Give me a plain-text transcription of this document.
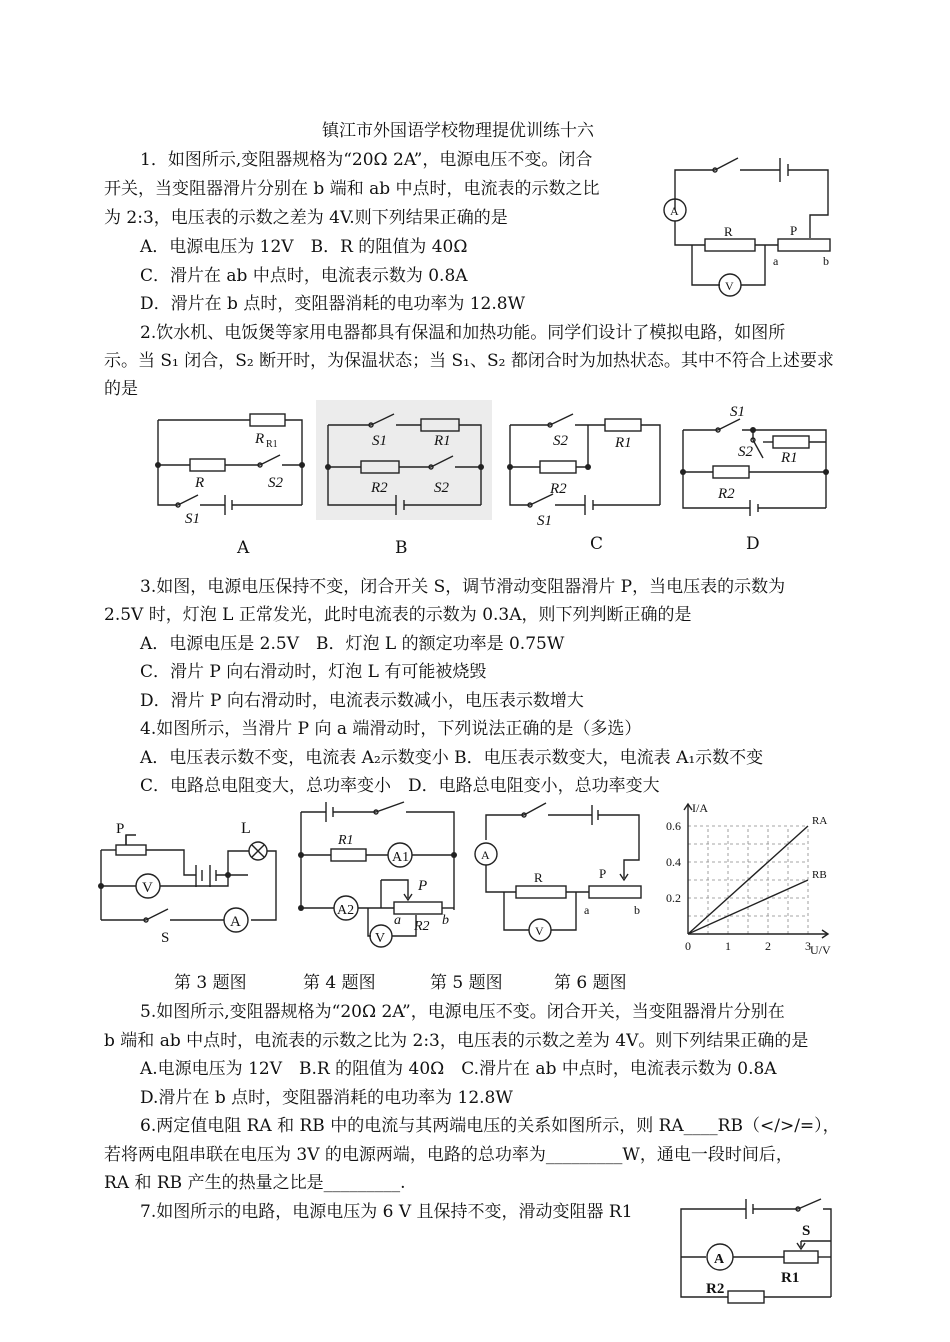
镇江市外国语学校物理提优训练十六
1．如图所示,变阻器规格为“20Ω 2A”，电源电压不变。闭合
开关，当变阻器滑片分别在 b 端和 ab 中点时，电流表的示数之比
为 2:3，电压表的示数之差为 4V.则下列结果正确的是
A．电源电压为 12V　B．R 的阻值为 40Ω
C．滑片在 ab 中点时，电流表示数为 0.8A
D．滑片在 b 点时，变阻器消耗的电功率为 12.8W
A
R	P
a	b
V
2.饮水机、电饭煲等家用电器都具有保温和加热功能。同学们设计了模拟电路，如图所
示。当 S₁ 闭合，S₂ 断开时，为保温状态；当 S₁、S₂ 都闭合时为加热状态。其中不符合上述要求
的是
R R1
R	S2
S1
A
S1	R1
R2	S2
B
S2	R1
R2
S1
C
S1
S2 R1
R2
D
3.如图，电源电压保持不变，闭合开关 S，调节滑动变阻器滑片 P，当电压表的示数为
2.5V 时，灯泡 L 正常发光，此时电流表的示数为 0.3A，则下列判断正确的是
A．电源电压是 2.5V　B．灯泡 L 的额定功率是 0.75W
C．滑片 P 向右滑动时，灯泡 L 有可能被烧毁
D．滑片 P 向右滑动时，电流表示数减小，电压表示数增大
4.如图所示，当滑片 P 向 a 端滑动时，下列说法正确的是（多选）
A．电压表示数不变，电流表 A₂示数变小 B．电压表示数变大，电流表 A₁示数不变
C．电路总电阻变大，总功率变小　D．电路总电阻变小，总功率变大
P	L
V
A
S
R1
A1
A2
P
a	b
R2
V
A
R	P
a	b
V
U/V
I/A
0	1	2	3
0.2
0.4
0.6	RA
RB
第 3 题图	第 4 题图	第 5 题图	第 6 题图
5.如图所示,变阻器规格为“20Ω 2A”，电源电压不变。闭合开关，当变阻器滑片分别在
b 端和 ab 中点时，电流表的示数之比为 2:3，电压表的示数之差为 4V。则下列结果正确的是
A.电源电压为 12V　B.R 的阻值为 40Ω　C.滑片在 ab 中点时，电流表示数为 0.8A
D.滑片在 b 点时，变阻器消耗的电功率为 12.8W
6.两定值电阻 RA 和 RB 中的电流与其两端电压的关系如图所示，则 RA____RB（</>/=），
若将两电阻串联在电压为 3V 的电源两端，电路的总功率为_________W，通电一段时间后，
RA 和 RB 产生的热量之比是_________.
7.如图所示的电路，电源电压为 6 V 且保持不变，滑动变阻器 R1
S
A
R1
R2
